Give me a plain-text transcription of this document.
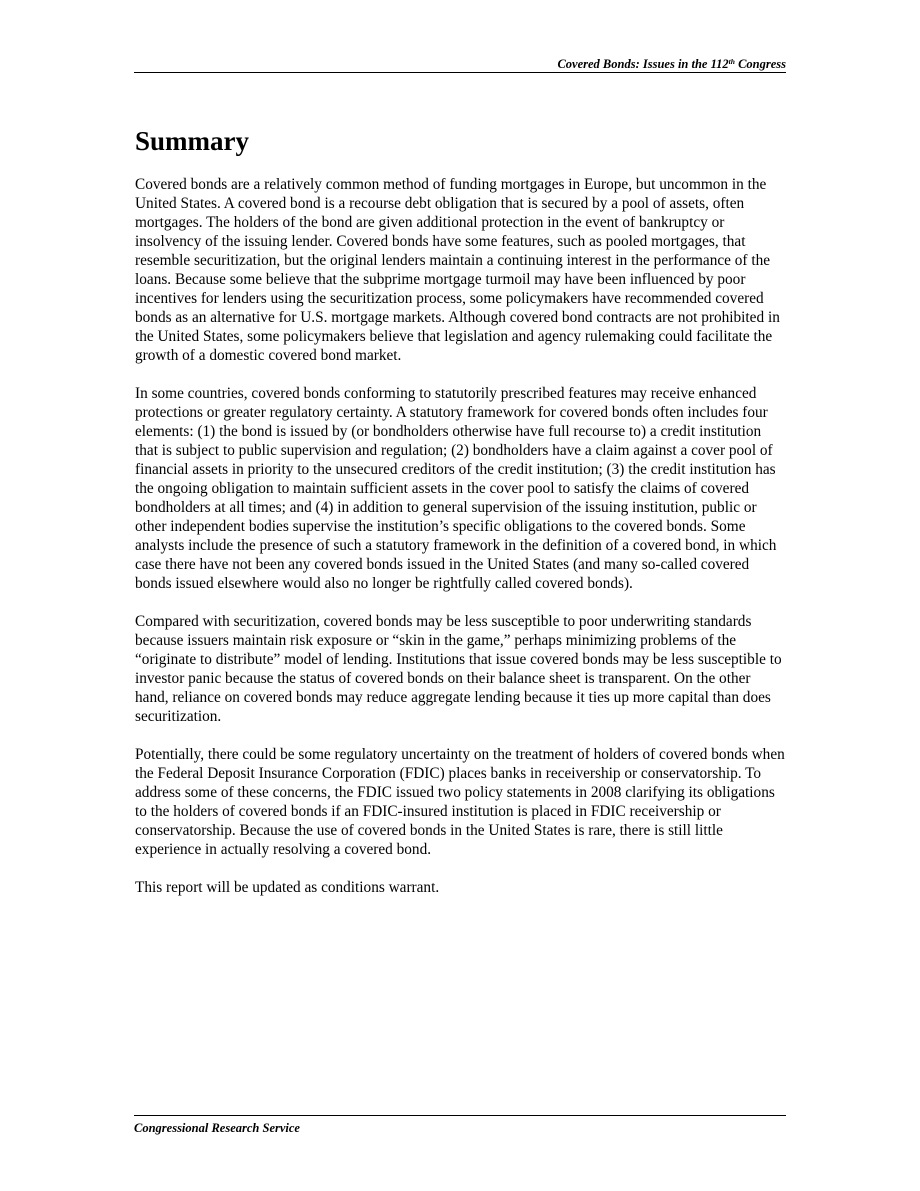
Covered Bonds: Issues in the 112th Congress
Summary

Covered bonds are a relatively common method of funding mortgages in Europe, but uncommon in the United States. A covered bond is a recourse debt obligation that is secured by a pool of assets, often mortgages. The holders of the bond are given additional protection in the event of bankruptcy or insolvency of the issuing lender. Covered bonds have some features, such as pooled mortgages, that resemble securitization, but the original lenders maintain a continuing interest in the performance of the loans. Because some believe that the subprime mortgage turmoil may have been influenced by poor incentives for lenders using the securitization process, some policymakers have recommended covered bonds as an alternative for U.S. mortgage markets. Although covered bond contracts are not prohibited in the United States, some policymakers believe that legislation and agency rulemaking could facilitate the growth of a domestic covered bond market.

In some countries, covered bonds conforming to statutorily prescribed features may receive enhanced protections or greater regulatory certainty. A statutory framework for covered bonds often includes four elements: (1) the bond is issued by (or bondholders otherwise have full recourse to) a credit institution that is subject to public supervision and regulation; (2) bondholders have a claim against a cover pool of financial assets in priority to the unsecured creditors of the credit institution; (3) the credit institution has the ongoing obligation to maintain sufficient assets in the cover pool to satisfy the claims of covered bondholders at all times; and (4) in addition to general supervision of the issuing institution, public or other independent bodies supervise the institution’s specific obligations to the covered bonds. Some analysts include the presence of such a statutory framework in the definition of a covered bond, in which case there have not been any covered bonds issued in the United States (and many so-called covered bonds issued elsewhere would also no longer be rightfully called covered bonds).

Compared with securitization, covered bonds may be less susceptible to poor underwriting standards because issuers maintain risk exposure or “skin in the game,” perhaps minimizing problems of the “originate to distribute” model of lending. Institutions that issue covered bonds may be less susceptible to investor panic because the status of covered bonds on their balance sheet is transparent. On the other hand, reliance on covered bonds may reduce aggregate lending because it ties up more capital than does securitization.

Potentially, there could be some regulatory uncertainty on the treatment of holders of covered bonds when the Federal Deposit Insurance Corporation (FDIC) places banks in receivership or conservatorship. To address some of these concerns, the FDIC issued two policy statements in 2008 clarifying its obligations to the holders of covered bonds if an FDIC-insured institution is placed in FDIC receivership or conservatorship. Because the use of covered bonds in the United States is rare, there is still little experience in actually resolving a covered bond.

This report will be updated as conditions warrant.

Congressional Research Service
